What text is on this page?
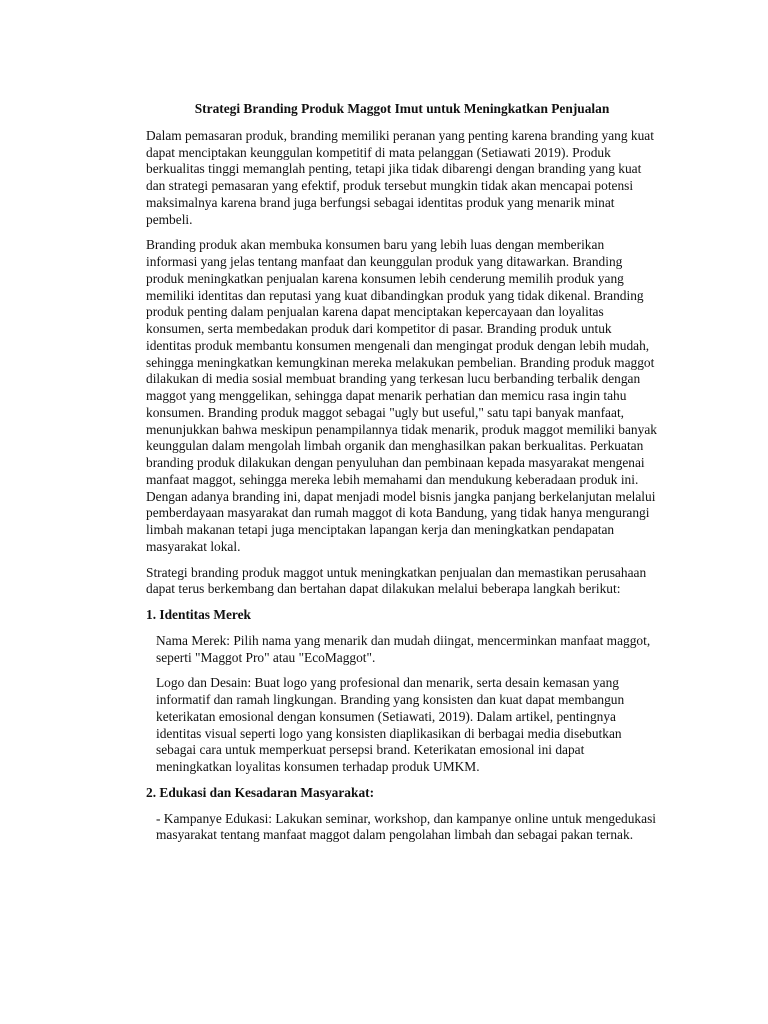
Strategi Branding Produk Maggot Imut untuk Meningkatkan Penjualan

Dalam pemasaran produk, branding memiliki peranan yang penting karena branding yang kuat dapat menciptakan keunggulan kompetitif di mata pelanggan (Setiawati 2019). Produk berkualitas tinggi memanglah penting, tetapi jika tidak dibarengi dengan branding yang kuat dan strategi pemasaran yang efektif, produk tersebut mungkin tidak akan mencapai potensi maksimalnya karena brand juga berfungsi sebagai identitas produk yang menarik minat pembeli.

Branding produk akan membuka konsumen baru yang lebih luas dengan memberikan informasi yang jelas tentang manfaat dan keunggulan produk yang ditawarkan. Branding produk meningkatkan penjualan karena konsumen lebih cenderung memilih produk yang memiliki identitas dan reputasi yang kuat dibandingkan produk yang tidak dikenal. Branding produk penting dalam penjualan karena dapat menciptakan kepercayaan dan loyalitas konsumen, serta membedakan produk dari kompetitor di pasar. Branding produk untuk identitas produk membantu konsumen mengenali dan mengingat produk dengan lebih mudah, sehingga meningkatkan kemungkinan mereka melakukan pembelian. Branding produk maggot dilakukan di media sosial membuat branding yang terkesan lucu berbanding terbalik dengan maggot yang menggelikan, sehingga dapat menarik perhatian dan memicu rasa ingin tahu konsumen. Branding produk maggot sebagai "ugly but useful," satu tapi banyak manfaat, menunjukkan bahwa meskipun penampilannya tidak menarik, produk maggot memiliki banyak keunggulan dalam mengolah limbah organik dan menghasilkan pakan berkualitas. Perkuatan branding produk dilakukan dengan penyuluhan dan pembinaan kepada masyarakat mengenai manfaat maggot, sehingga mereka lebih memahami dan mendukung keberadaan produk ini. Dengan adanya branding ini, dapat menjadi model bisnis jangka panjang berkelanjutan melalui pemberdayaan masyarakat dan rumah maggot di kota Bandung, yang tidak hanya mengurangi limbah makanan tetapi juga menciptakan lapangan kerja dan meningkatkan pendapatan masyarakat lokal.

Strategi branding produk maggot untuk meningkatkan penjualan dan memastikan perusahaan dapat terus berkembang dan bertahan dapat dilakukan melalui beberapa langkah berikut:

1. Identitas Merek

Nama Merek: Pilih nama yang menarik dan mudah diingat, mencerminkan manfaat maggot, seperti "Maggot Pro" atau "EcoMaggot".

Logo dan Desain: Buat logo yang profesional dan menarik, serta desain kemasan yang informatif dan ramah lingkungan. Branding yang konsisten dan kuat dapat membangun keterikatan emosional dengan konsumen (Setiawati, 2019). Dalam artikel, pentingnya identitas visual seperti logo yang konsisten diaplikasikan di berbagai media disebutkan sebagai cara untuk memperkuat persepsi brand. Keterikatan emosional ini dapat meningkatkan loyalitas konsumen terhadap produk UMKM.

2. Edukasi dan Kesadaran Masyarakat:

- Kampanye Edukasi: Lakukan seminar, workshop, dan kampanye online untuk mengedukasi masyarakat tentang manfaat maggot dalam pengolahan limbah dan sebagai pakan ternak.
